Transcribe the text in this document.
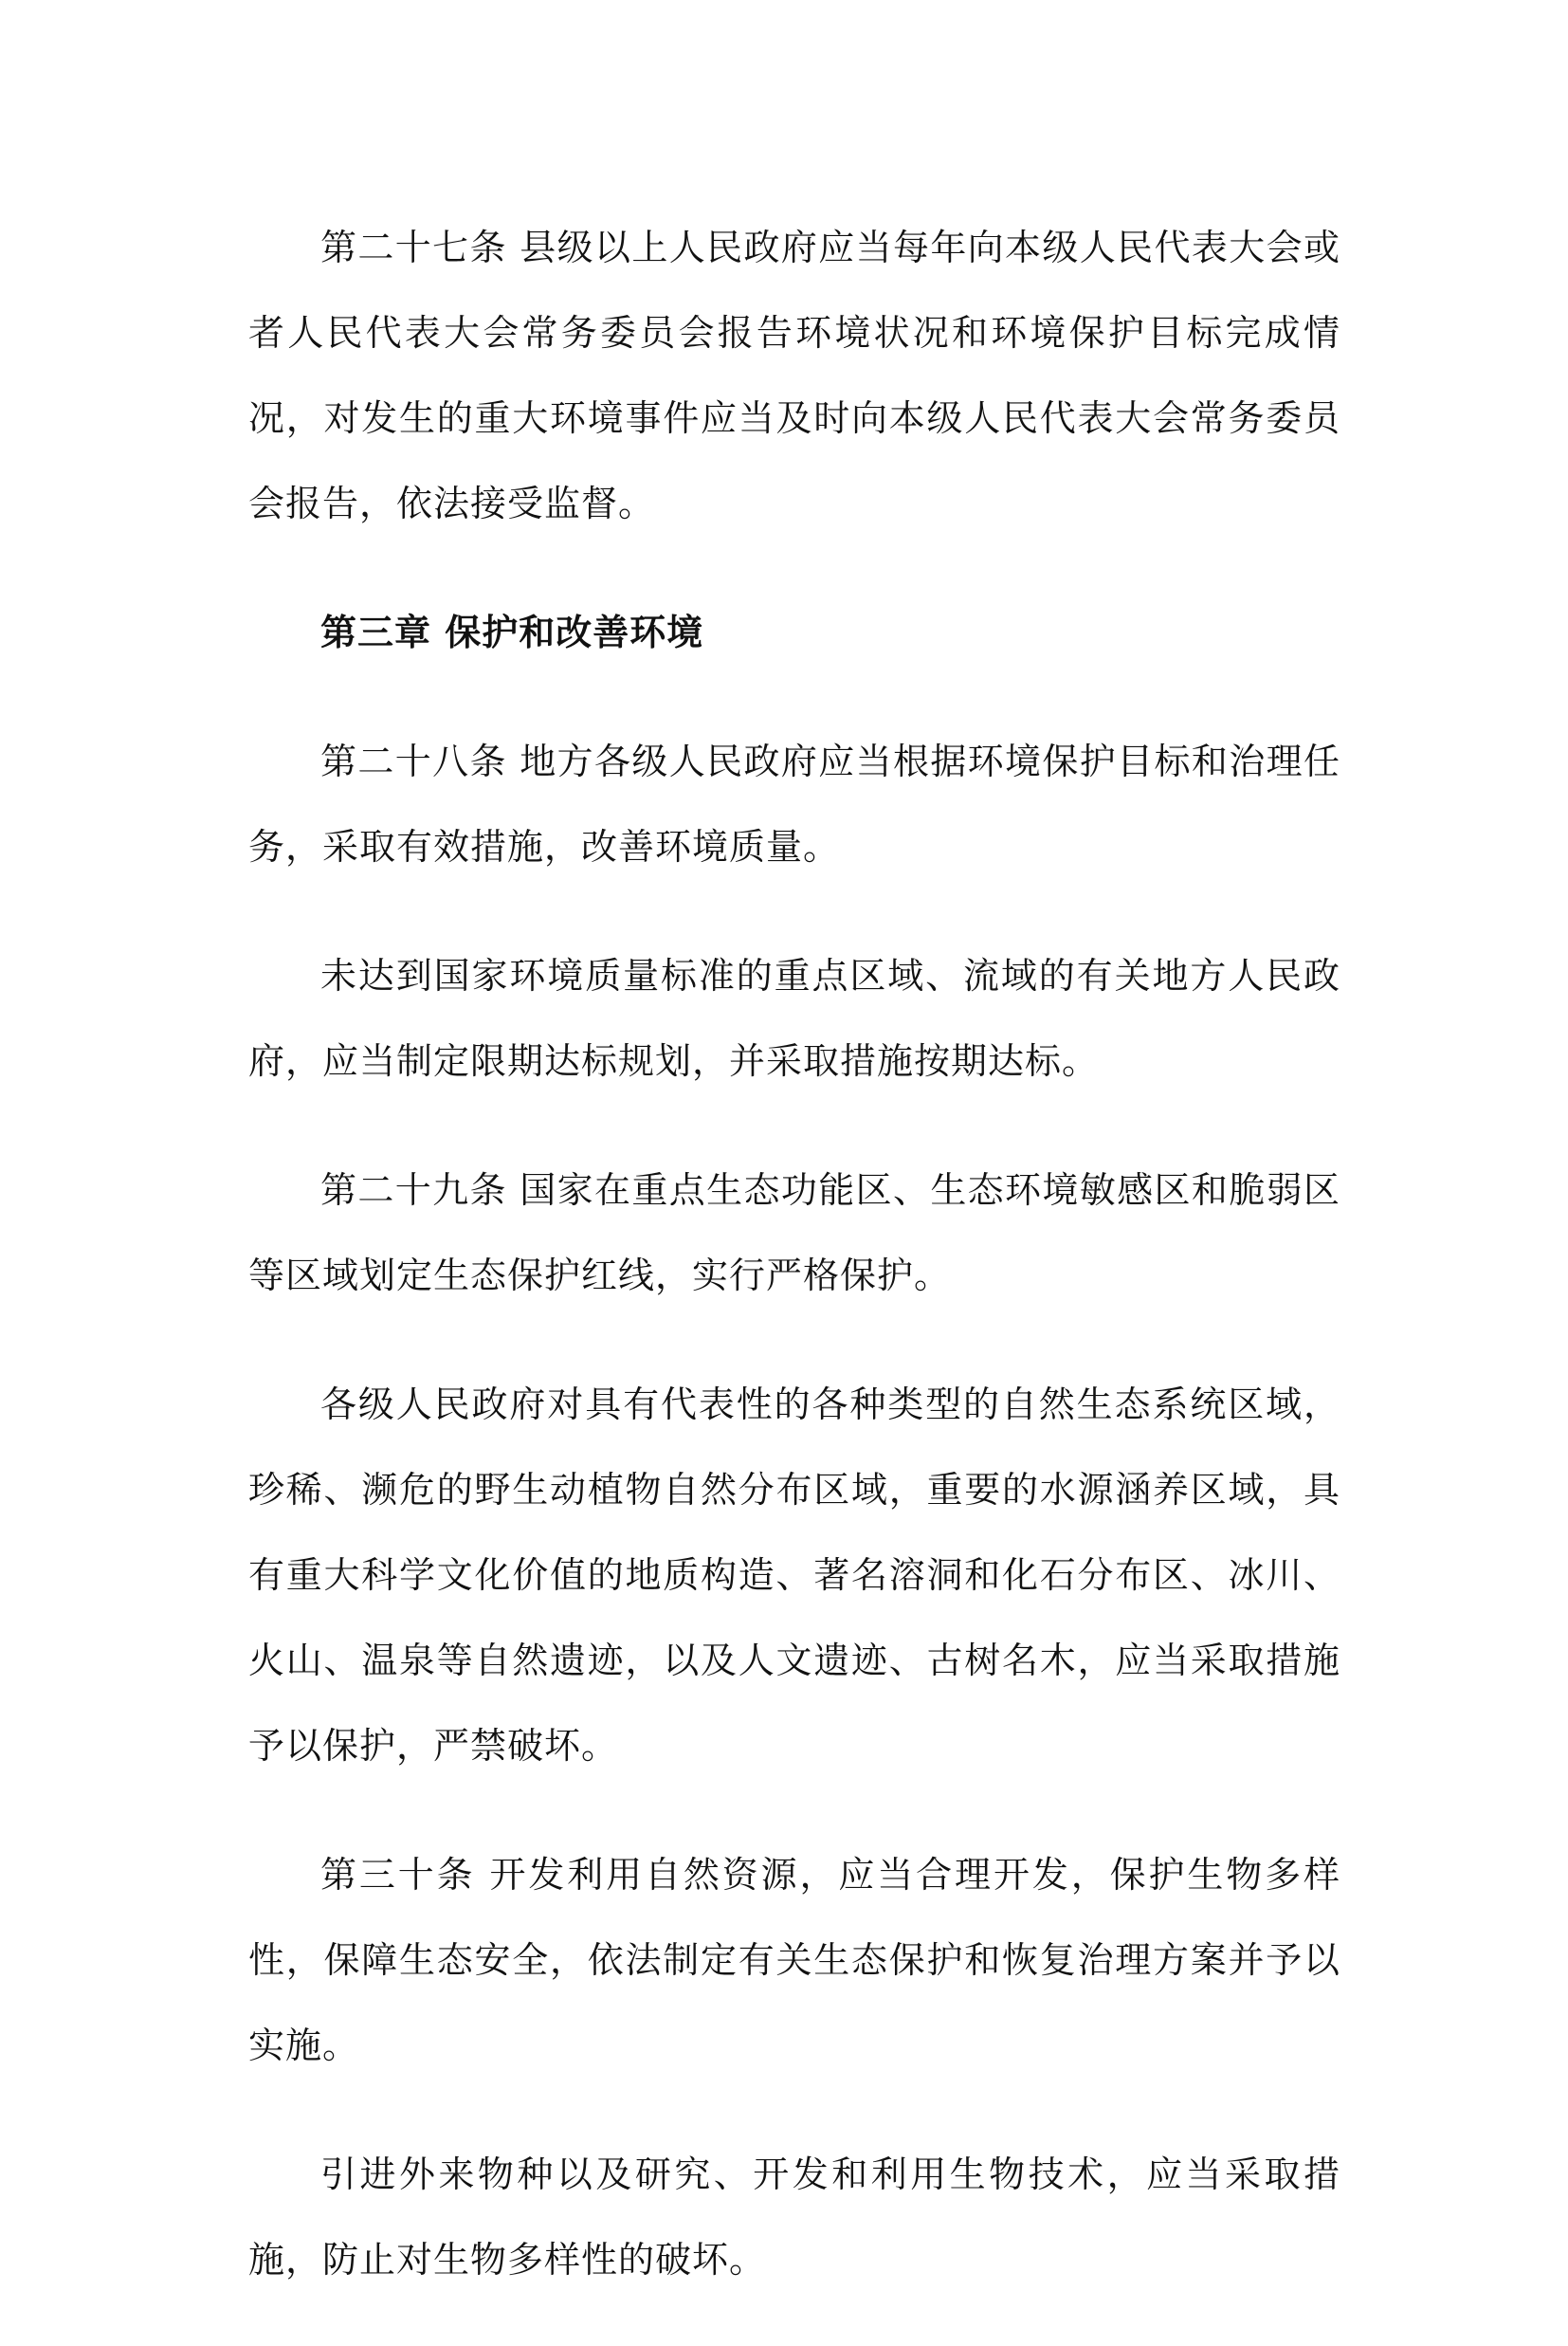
第二十七条 县级以上人民政府应当每年向本级人民代表大会或者人民代表大会常务委员会报告环境状况和环境保护目标完成情况，对发生的重大环境事件应当及时向本级人民代表大会常务委员会报告，依法接受监督。

第三章 保护和改善环境

第二十八条 地方各级人民政府应当根据环境保护目标和治理任务，采取有效措施，改善环境质量。

未达到国家环境质量标准的重点区域、流域的有关地方人民政府，应当制定限期达标规划，并采取措施按期达标。

第二十九条 国家在重点生态功能区、生态环境敏感区和脆弱区等区域划定生态保护红线，实行严格保护。

各级人民政府对具有代表性的各种类型的自然生态系统区域，珍稀、濒危的野生动植物自然分布区域，重要的水源涵养区域，具有重大科学文化价值的地质构造、著名溶洞和化石分布区、冰川、火山、温泉等自然遗迹，以及人文遗迹、古树名木，应当采取措施予以保护，严禁破坏。

第三十条 开发利用自然资源，应当合理开发，保护生物多样性，保障生态安全，依法制定有关生态保护和恢复治理方案并予以实施。

引进外来物种以及研究、开发和利用生物技术，应当采取措施，防止对生物多样性的破坏。
